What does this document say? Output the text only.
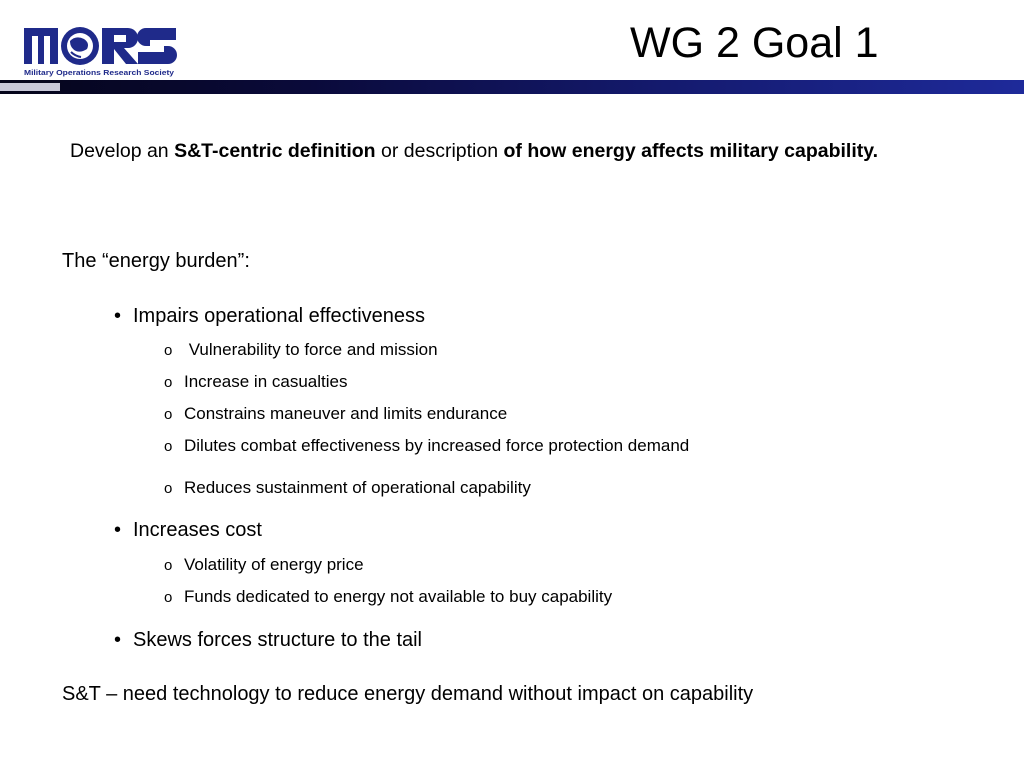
Military Operations Research Society
WG 2 Goal 1
Develop an S&T-centric definition or description of how energy affects military capability.
The “energy burden”:
• Impairs operational effectiveness
o Vulnerability to force and mission
o Increase in casualties
o Constrains maneuver and limits endurance
o Dilutes combat effectiveness by increased force protection demand
o Reduces sustainment of operational capability
• Increases cost
o Volatility of energy price
o Funds dedicated to energy not available to buy capability
• Skews forces structure to the tail
S&T – need technology to reduce energy demand without impact on capability
